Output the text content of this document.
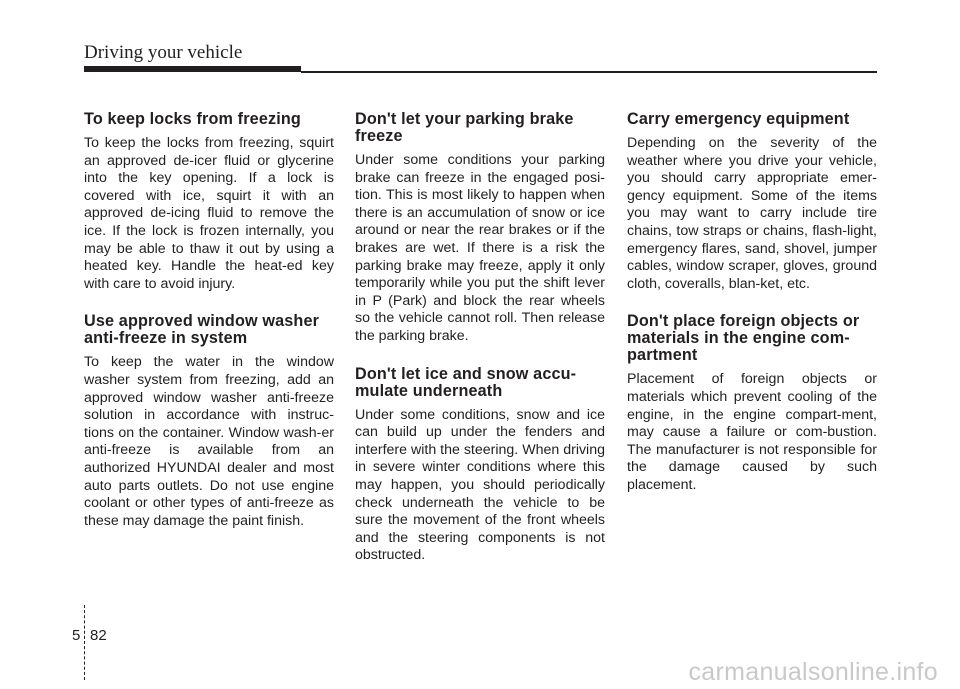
Driving your vehicle
To keep locks from freezing

To keep the locks from freezing, squirt an approved de-icer fluid or glycerine into the key opening. If a lock is covered with ice, squirt it with an approved de-icing fluid to remove the ice. If the lock is frozen internally, you may be able to thaw it out by using a heated key. Handle the heat-ed key with care to avoid injury.

Use approved window washer anti-freeze in system

To keep the water in the window washer system from freezing, add an approved window washer anti-freeze solution in accordance with instruc-tions on the container. Window wash-er anti-freeze is available from an authorized HYUNDAI dealer and most auto parts outlets. Do not use engine coolant or other types of anti-freeze as these may damage the paint finish.

Don't let your parking brake freeze

Under some conditions your parking brake can freeze in the engaged posi-tion. This is most likely to happen when there is an accumulation of snow or ice around or near the rear brakes or if the brakes are wet. If there is a risk the parking brake may freeze, apply it only temporarily while you put the shift lever in P (Park) and block the rear wheels so the vehicle cannot roll. Then release the parking brake.

Don't let ice and snow accu-mulate underneath

Under some conditions, snow and ice can build up under the fenders and interfere with the steering. When driving in severe winter conditions where this may happen, you should periodically check underneath the vehicle to be sure the movement of the front wheels and the steering components is not obstructed.

Carry emergency equipment

Depending on the severity of the weather where you drive your vehicle, you should carry appropriate emer-gency equipment. Some of the items you may want to carry include tire chains, tow straps or chains, flash-light, emergency flares, sand, shovel, jumper cables, window scraper, gloves, ground cloth, coveralls, blan-ket, etc.

Don't place foreign objects or materials in the engine com-partment

Placement of foreign objects or materials which prevent cooling of the engine, in the engine compart-ment, may cause a failure or com-bustion. The manufacturer is not responsible for the damage caused by such placement.

5 82
carmanualsonline.info
